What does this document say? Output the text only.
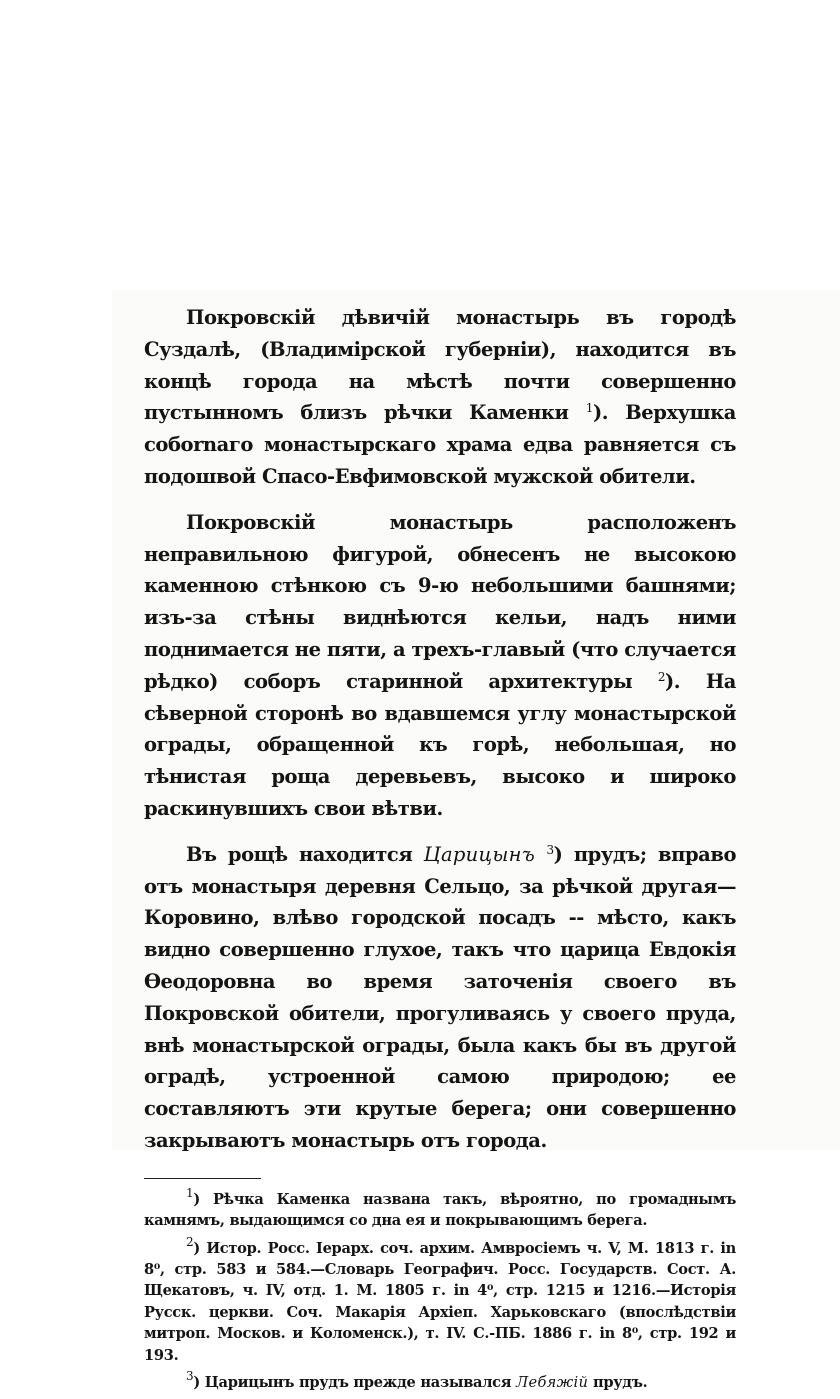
Покровскій дѣвичій монастырь въ городѣ Суздалѣ, (Владимірской губерніи), находится въ концѣ города на мѣстѣ почти совершенно пустынномъ близъ рѣчки Каменки $^1$). Верхушка собornaго монастырскаго храма едва равняется съ подошвой Спасо-Евфимовской мужской обители.

Покровскій монастырь расположенъ неправильною фигурой, обнесенъ не высокою каменною стѣнкою съ 9-ю небольшими башнями; изъ-за стѣны виднѣются кельи, надъ ними поднимается не пяти, а трехъ-главый (что случается рѣдко) соборъ старинной архитектуры $^2$). На сѣверной сторонѣ во вдавшемся углу монастырской ограды, обращенной къ горѣ, небольшая, но тѣнистая роща деревьевъ, высоко и широко раскинувшихъ свои вѣтви.

Въ рощѣ находится Царицынъ $^3$) прудъ; вправо отъ монастыря деревня Сельцо, за рѣчкой другая—Коровино, влѣво городской посадъ -- мѣсто, какъ видно совершенно глухое, такъ что царица Евдокія Ѳеодоровна во время заточенія своего въ Покровской обители, прогуливаясь у своего пруда, внѣ монастырской ограды, была какъ бы въ другой оградѣ, устроенной самою природою; ее составляютъ эти крутые берега; они совершенно закрываютъ монастырь отъ города.

$^1$) Рѣчка Каменка названа такъ, вѣроятно, по громаднымъ камнямъ, выдающимся со дна ея и покрывающимъ берега.

$^2$) Истор. Росс. Іерарх. соч. архим. Амвросіемъ ч. V, М. 1813 г. in 8⁰, стр. 583 и 584.—Словарь Географич. Росс. Государств. Сост. А. Щекатовъ, ч. IV, отд. 1. М. 1805 г. in 4⁰, стр. 1215 и 1216.—Исторія Русск. церкви. Соч. Макарія Архіеп. Харьковскаго (впослѣдствіи митроп. Москов. и Коломенск.), т. IV. С.-ПБ. 1886 г. in 8⁰, стр. 192 и 193.

$^3$) Царицынъ прудъ прежде назывался Лебяжій прудъ.
